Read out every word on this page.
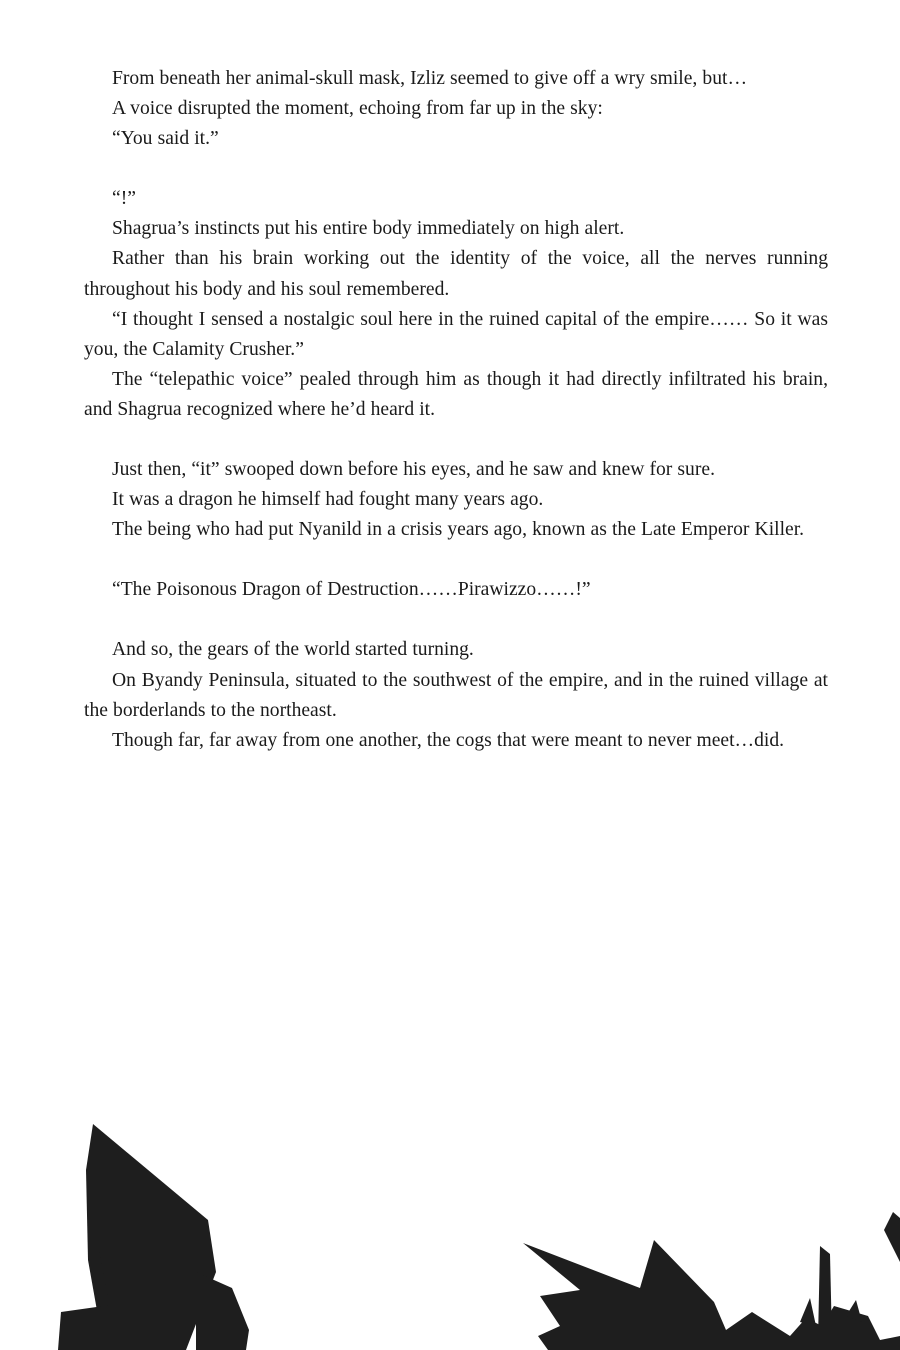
From beneath her animal-skull mask, Izliz seemed to give off a wry smile, but…

A voice disrupted the moment, echoing from far up in the sky:

“You said it.”

“!”

Shagrua’s instincts put his entire body immediately on high alert.

Rather than his brain working out the identity of the voice, all the nerves running throughout his body and his soul remembered.

“I thought I sensed a nostalgic soul here in the ruined capital of the empire…… So it was you, the Calamity Crusher.”

The “telepathic voice” pealed through him as though it had directly infiltrated his brain, and Shagrua recognized where he’d heard it.

Just then, “it” swooped down before his eyes, and he saw and knew for sure.

It was a dragon he himself had fought many years ago.

The being who had put Nyanild in a crisis years ago, known as the Late Emperor Killer.

“The Poisonous Dragon of Destruction……Pirawizzo……!”

And so, the gears of the world started turning.

On Byandy Peninsula, situated to the southwest of the empire, and in the ruined village at the borderlands to the northeast.

Though far, far away from one another, the cogs that were meant to never meet…did.
